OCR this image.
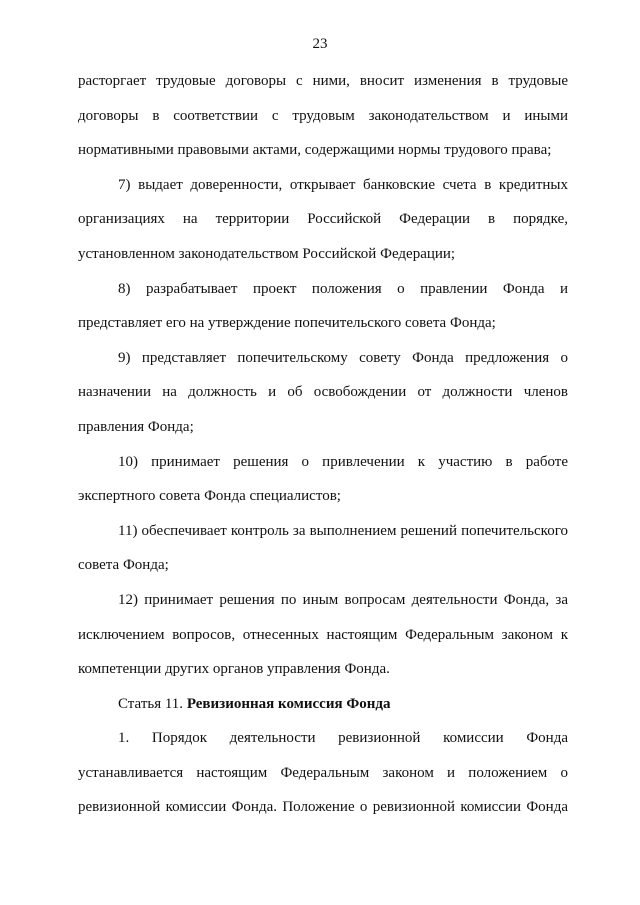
23

расторгает трудовые договоры с ними, вносит изменения в трудовые
договоры в соответствии с трудовым законодательством и иными
нормативными правовыми актами, содержащими нормы трудового права;

7) выдает доверенности, открывает банковские счета в кредитных
организациях на территории Российской Федерации в порядке,
установленном законодательством Российской Федерации;

8) разрабатывает проект положения о правлении Фонда и
представляет его на утверждение попечительского совета Фонда;

9) представляет попечительскому совету Фонда предложения о
назначении на должность и об освобождении от должности членов
правления Фонда;

10) принимает решения о привлечении к участию в работе
экспертного совета Фонда специалистов;

11) обеспечивает контроль за выполнением решений попечительского
совета Фонда;

12) принимает решения по иным вопросам деятельности Фонда, за
исключением вопросов, отнесенных настоящим Федеральным законом к
компетенции других органов управления Фонда.

Статья 11. Ревизионная комиссия Фонда

1. Порядок деятельности ревизионной комиссии Фонда
устанавливается настоящим Федеральным законом и положением о
ревизионной комиссии Фонда. Положение о ревизионной комиссии Фонда
